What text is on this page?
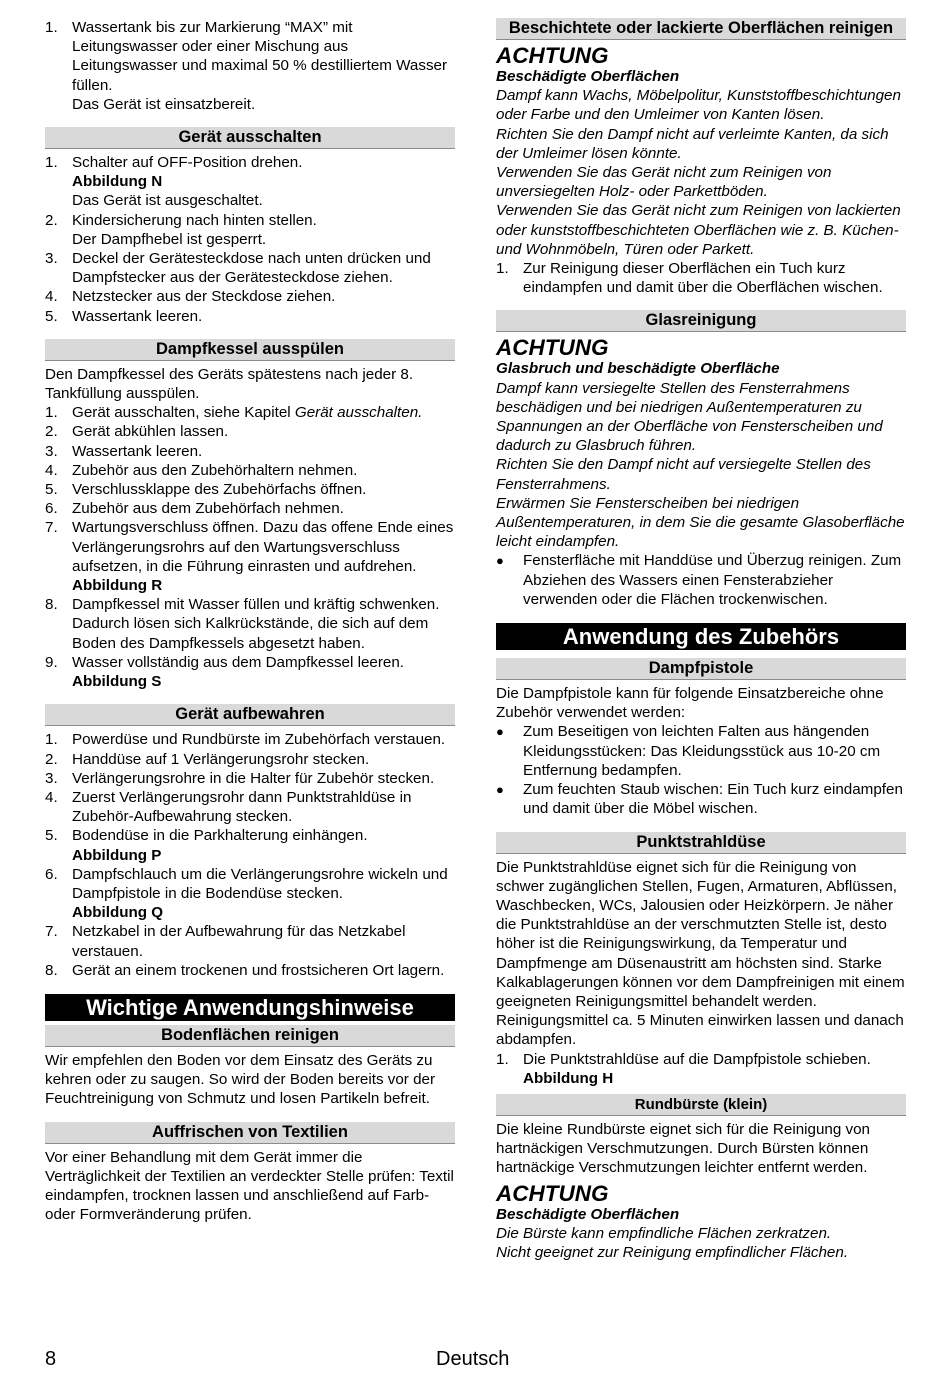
1. Wassertank bis zur Markierung “MAX” mit Leitungswasser oder einer Mischung aus Leitungswasser und maximal 50 % destilliertem Wasser füllen.
Das Gerät ist einsatzbereit.
Gerät ausschalten
1. Schalter auf OFF-Position drehen.
Abbildung N
Das Gerät ist ausgeschaltet.
2. Kindersicherung nach hinten stellen.
Der Dampfhebel ist gesperrt.
3. Deckel der Gerätesteckdose nach unten drücken und Dampfstecker aus der Gerätesteckdose ziehen.
4. Netzstecker aus der Steckdose ziehen.
5. Wassertank leeren.
Dampfkessel ausspülen

Den Dampfkessel des Geräts spätestens nach jeder 8. Tankfüllung ausspülen.

1. Gerät ausschalten, siehe Kapitel Gerät ausschalten.
2. Gerät abkühlen lassen.
3. Wassertank leeren.
4. Zubehör aus den Zubehörhaltern nehmen.
5. Verschlussklappe des Zubehörfachs öffnen.
6. Zubehör aus dem Zubehörfach nehmen.
7. Wartungsverschluss öffnen. Dazu das offene Ende eines Verlängerungsrohrs auf den Wartungsverschluss aufsetzen, in die Führung einrasten und aufdrehen.
Abbildung R
8. Dampfkessel mit Wasser füllen und kräftig schwenken. Dadurch lösen sich Kalkrückstände, die sich auf dem Boden des Dampfkessels abgesetzt haben.
9. Wasser vollständig aus dem Dampfkessel leeren.
Abbildung S
Gerät aufbewahren
1. Powerdüse und Rundbürste im Zubehörfach verstauen.
2. Handdüse auf 1 Verlängerungsrohr stecken.
3. Verlängerungsrohre in die Halter für Zubehör stecken.
4. Zuerst Verlängerungsrohr dann Punktstrahldüse in Zubehör-Aufbewahrung stecken.
5. Bodendüse in die Parkhalterung einhängen.
Abbildung P
6. Dampfschlauch um die Verlängerungsrohre wickeln und Dampfpistole in die Bodendüse stecken.
Abbildung Q
7. Netzkabel in der Aufbewahrung für das Netzkabel verstauen.
8. Gerät an einem trockenen und frostsicheren Ort lagern.
Wichtige Anwendungshinweise
Bodenflächen reinigen

Wir empfehlen den Boden vor dem Einsatz des Geräts zu kehren oder zu saugen. So wird der Boden bereits vor der Feuchtreinigung von Schmutz und losen Partikeln befreit.

Auffrischen von Textilien

Vor einer Behandlung mit dem Gerät immer die Verträglichkeit der Textilien an verdeckter Stelle prüfen: Textil eindampfen, trocknen lassen und anschließend auf Farb- oder Formveränderung prüfen.

Beschichtete oder lackierte Oberflächen reinigen
ACHTUNG
Beschädigte Oberflächen

Dampf kann Wachs, Möbelpolitur, Kunststoffbeschichtungen oder Farbe und den Umleimer von Kanten lösen.

Richten Sie den Dampf nicht auf verleimte Kanten, da sich der Umleimer lösen könnte.

Verwenden Sie das Gerät nicht zum Reinigen von unversiegelten Holz- oder Parkettböden.

Verwenden Sie das Gerät nicht zum Reinigen von lackierten oder kunststoffbeschichteten Oberflächen wie z. B. Küchen- und Wohnmöbeln, Türen oder Parkett.

1. Zur Reinigung dieser Oberflächen ein Tuch kurz eindampfen und damit über die Oberflächen wischen.
Glasreinigung
ACHTUNG
Glasbruch und beschädigte Oberfläche

Dampf kann versiegelte Stellen des Fensterrahmens beschädigen und bei niedrigen Außentemperaturen zu Spannungen an der Oberfläche von Fensterscheiben und dadurch zu Glasbruch führen.

Richten Sie den Dampf nicht auf versiegelte Stellen des Fensterrahmens.

Erwärmen Sie Fensterscheiben bei niedrigen Außentemperaturen, in dem Sie die gesamte Glasoberfläche leicht eindampfen.

●	Fensterfläche mit Handdüse und Überzug reinigen. Zum Abziehen des Wassers einen Fensterabzieher verwenden oder die Flächen trockenwischen.
Anwendung des Zubehörs
Dampfpistole

Die Dampfpistole kann für folgende Einsatzbereiche ohne Zubehör verwendet werden:

●	Zum Beseitigen von leichten Falten aus hängenden Kleidungsstücken: Das Kleidungsstück aus 10-20 cm Entfernung bedampfen.
●	Zum feuchten Staub wischen: Ein Tuch kurz eindampfen und damit über die Möbel wischen.
Punktstrahldüse

Die Punktstrahldüse eignet sich für die Reinigung von schwer zugänglichen Stellen, Fugen, Armaturen, Abflüssen, Waschbecken, WCs, Jalousien oder Heizkörpern. Je näher die Punktstrahldüse an der verschmutzten Stelle ist, desto höher ist die Reinigungswirkung, da Temperatur und Dampfmenge am Düsenaustritt am höchsten sind. Starke Kalkablagerungen können vor dem Dampfreinigen mit einem geeigneten Reinigungsmittel behandelt werden. Reinigungsmittel ca. 5 Minuten einwirken lassen und danach abdampfen.

1. Die Punktstrahldüse auf die Dampfpistole schieben.
Abbildung H
Rundbürste (klein)

Die kleine Rundbürste eignet sich für die Reinigung von hartnäckigen Verschmutzungen. Durch Bürsten können hartnäckige Verschmutzungen leichter entfernt werden.

ACHTUNG
Beschädigte Oberflächen

Die Bürste kann empfindliche Flächen zerkratzen.

Nicht geeignet zur Reinigung empfindlicher Flächen.

8	Deutsch
